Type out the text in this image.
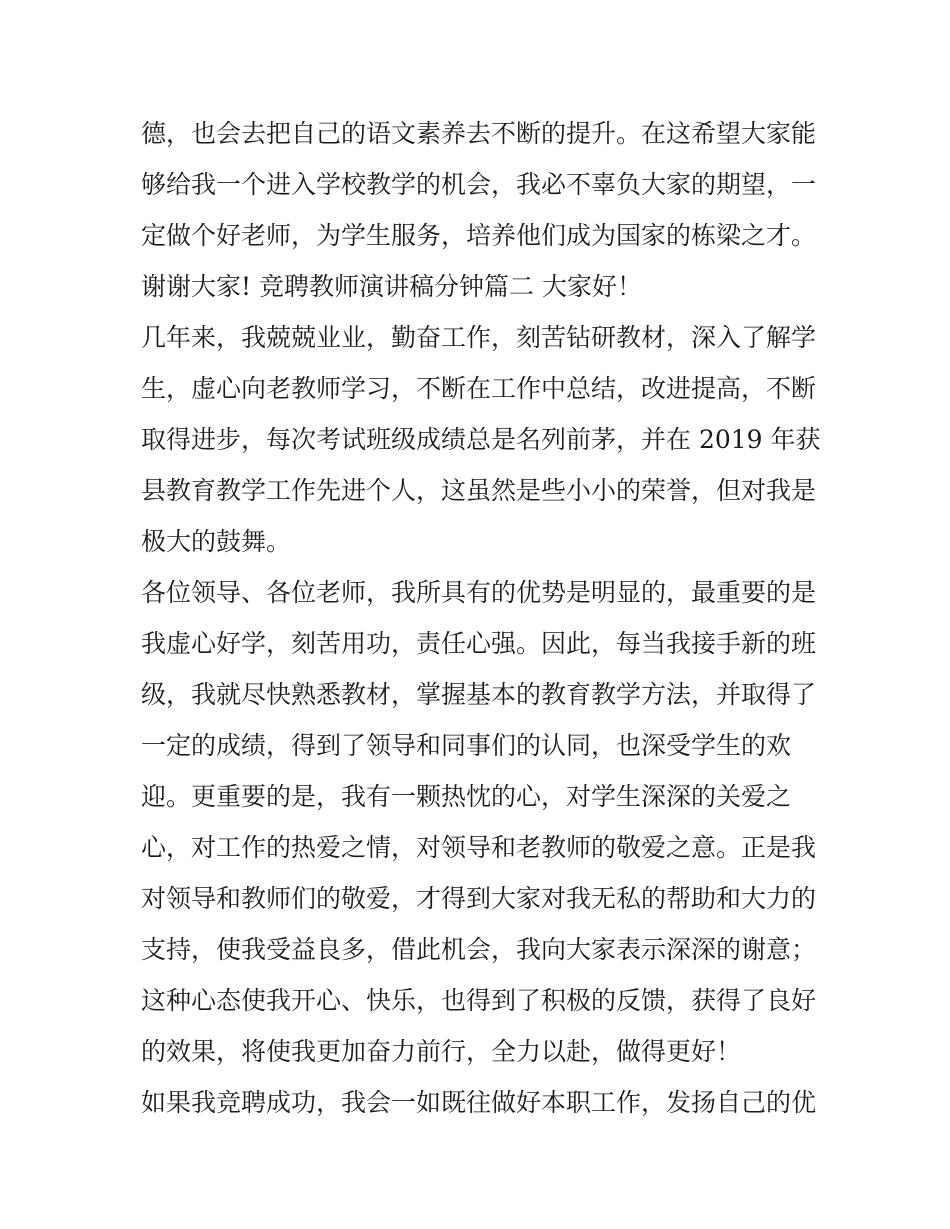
德，也会去把自己的语文素养去不断的提升。在这希望大家能
够给我一个进入学校教学的机会，我必不辜负大家的期望，一
定做个好老师，为学生服务，培养他们成为国家的栋梁之才。
谢谢大家! 竞聘教师演讲稿分钟篇二 大家好！
几年来，我兢兢业业，勤奋工作，刻苦钻研教材，深入了解学
生，虚心向老教师学习，不断在工作中总结，改进提高，不断
取得进步，每次考试班级成绩总是名列前茅，并在 2019 年获
县教育教学工作先进个人，这虽然是些小小的荣誉，但对我是
极大的鼓舞。
各位领导、各位老师，我所具有的优势是明显的，最重要的是
我虚心好学，刻苦用功，责任心强。因此，每当我接手新的班
级，我就尽快熟悉教材，掌握基本的教育教学方法，并取得了
一定的成绩，得到了领导和同事们的认同，也深受学生的欢
迎。更重要的是，我有一颗热忱的心，对学生深深的关爱之
心，对工作的热爱之情，对领导和老教师的敬爱之意。正是我
对领导和教师们的敬爱，才得到大家对我无私的帮助和大力的
支持，使我受益良多，借此机会，我向大家表示深深的谢意；
这种心态使我开心、快乐，也得到了积极的反馈，获得了良好
的效果，将使我更加奋力前行，全力以赴，做得更好！
如果我竞聘成功，我会一如既往做好本职工作，发扬自己的优
